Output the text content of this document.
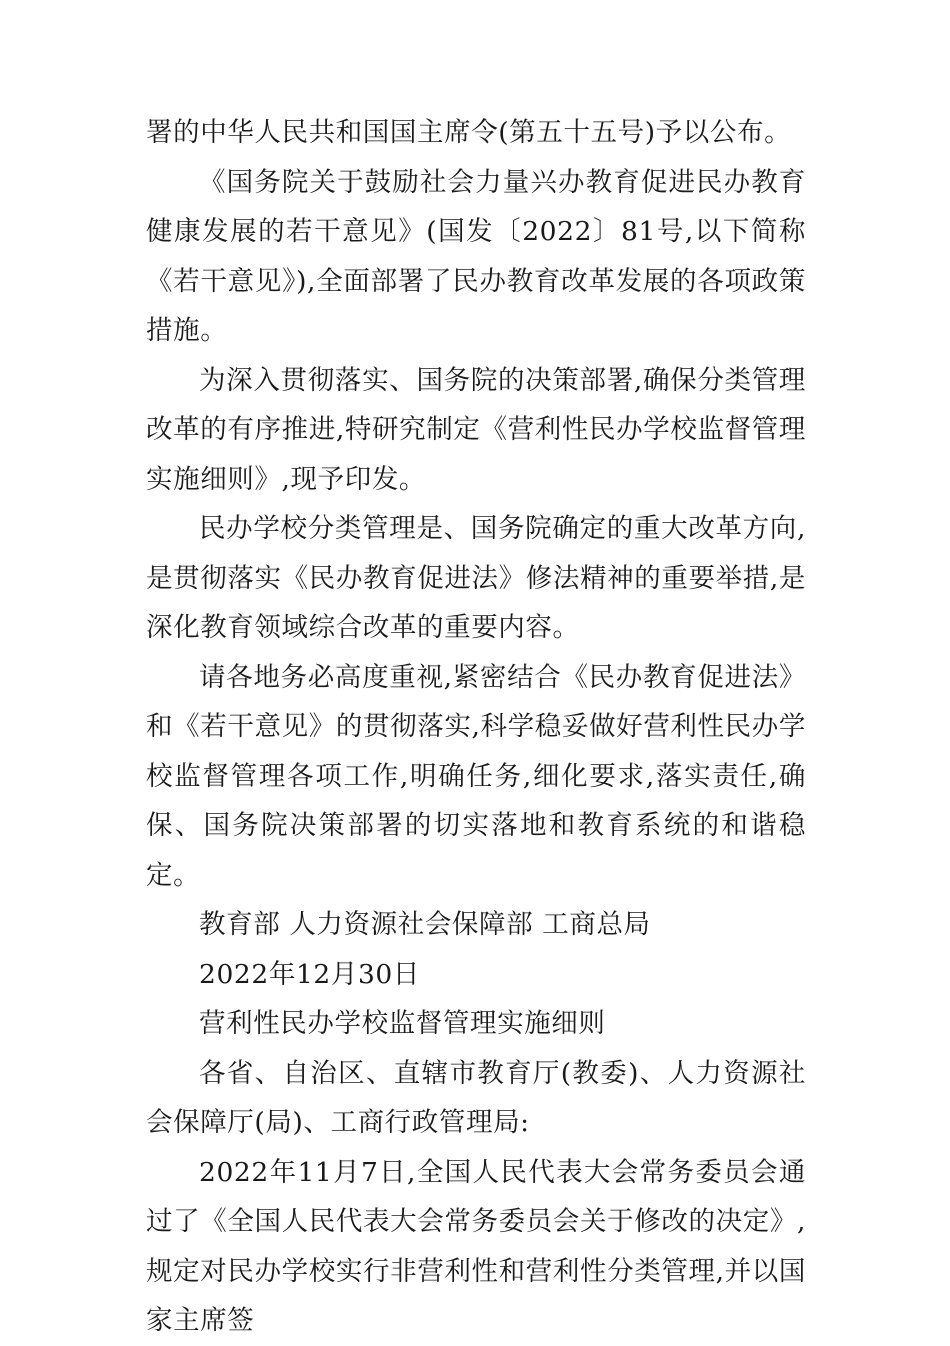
署的中华人民共和国国主席令(第五十五号)予以公布。

《国务院关于鼓励社会力量兴办教育促进民办教育健康发展的若干意见》(国发〔2022〕81号,以下简称《若干意见》),全面部署了民办教育改革发展的各项政策措施。

为深入贯彻落实、国务院的决策部署,确保分类管理改革的有序推进,特研究制定《营利性民办学校监督管理实施细则》,现予印发。

民办学校分类管理是、国务院确定的重大改革方向,是贯彻落实《民办教育促进法》修法精神的重要举措,是深化教育领域综合改革的重要内容。

请各地务必高度重视,紧密结合《民办教育促进法》和《若干意见》的贯彻落实,科学稳妥做好营利性民办学校监督管理各项工作,明确任务,细化要求,落实责任,确保、国务院决策部署的切实落地和教育系统的和谐稳定。

教育部 人力资源社会保障部 工商总局

2022年12月30日

营利性民办学校监督管理实施细则

各省、自治区、直辖市教育厅(教委)、人力资源社会保障厅(局)、工商行政管理局:

2022年11月7日,全国人民代表大会常务委员会通过了《全国人民代表大会常务委员会关于修改的决定》,规定对民办学校实行非营利性和营利性分类管理,并以国家主席签
